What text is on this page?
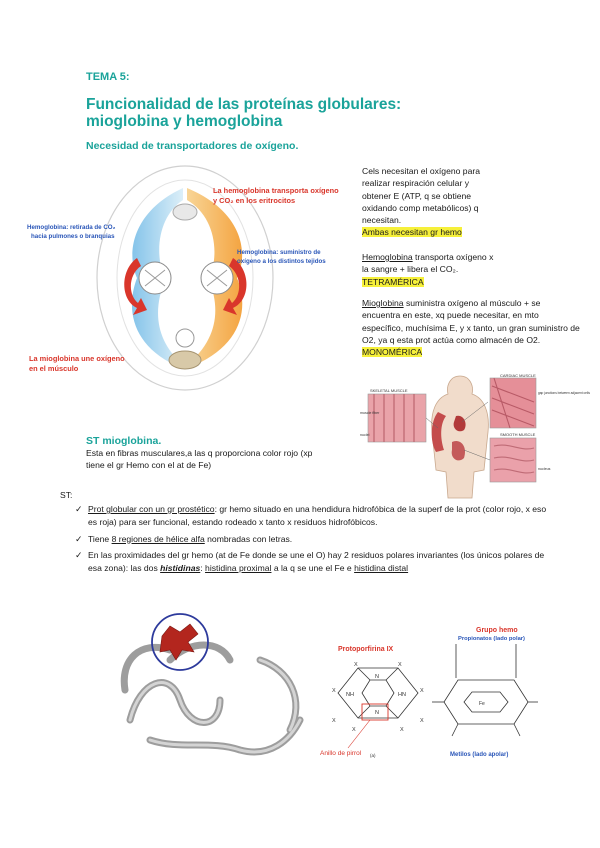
TEMA 5:
Funcionalidad de las proteínas globulares:
mioglobina y hemoglobina
Necesidad de transportadores de oxígeno.
La hemoglobina transporta oxígeno
y CO₂ en los eritrocitos
Hemoglobina: retirada de CO₂
hacia pulmones o branquias
Hemoglobina: suministro de
oxígeno a los distintos tejidos
La mioglobina une oxígeno
en el músculo
Cels necesitan el oxígeno para
realizar respiración celular y
obtener E (ATP, q se obtiene
oxidando comp metabólicos) q
necesitan.
Ambas necesitan gr hemo
Hemoglobina transporta oxígeno x
la sangre + libera el CO₂.
TETRAMÉRICA
Mioglobina suministra oxígeno al músculo + se
encuentra en este, xq puede necesitar, en mto
específico, muchísima E, y x tanto, un gran suministro de
O2, ya q esta prot actúa como almacén de O2.
MONOMÉRICA
SKELETAL MUSCLE
muscle fiber
nuclei
CARDIAC MUSCLE
gap junctions between adjacent cells
SMOOTH MUSCLE
nucleus
ST mioglobina.
Esta en fibras musculares,a las q proporciona color rojo (xp
tiene el gr Hemo con el at de Fe)
ST:
✓ Prot globular con un gr prostético: gr hemo situado en una hendidura hidrofóbica de la superf de la prot (color rojo, x eso es roja) para ser funcional, estando rodeado x tanto x residuos hidrofóbicos.
✓ Tiene 8 regiones de hélice alfa nombradas con letras.
✓ En las proximidades del gr hemo (at de Fe donde se une el O) hay 2 residuos polares invariantes (los únicos polares de esa zona): las dos histidinas: histidina proximal a la q se une el Fe e histidina distal
Protoporfirina IX
X	X
X	X
X	X
X	X
NH	HN
N
N
Anillo de pirrol (a)
Grupo hemo
Propionatos (lado polar)
Fe
Metilos (lado apolar)
